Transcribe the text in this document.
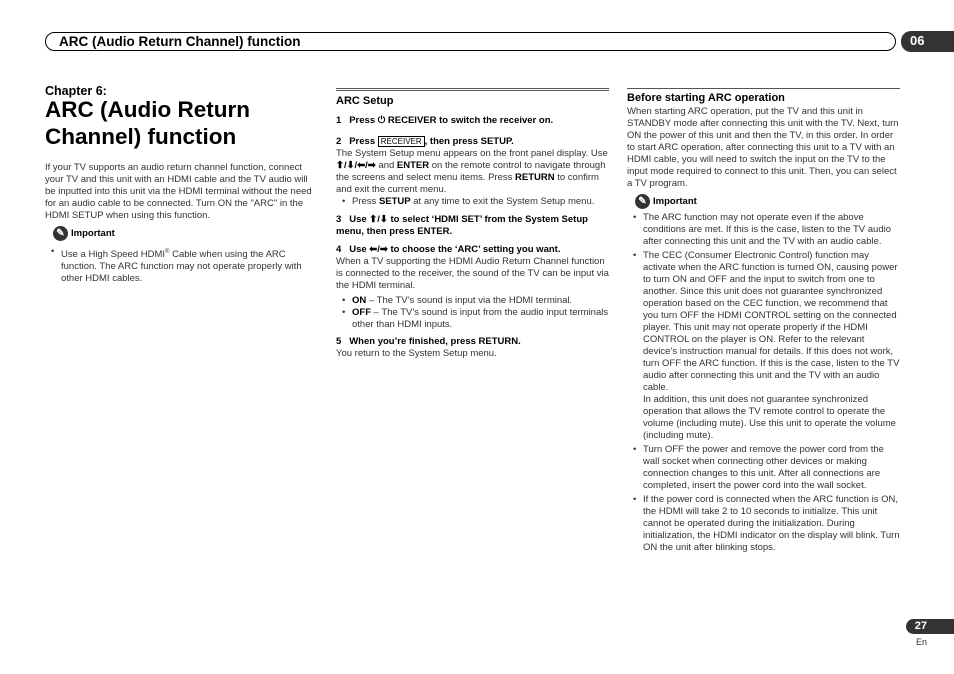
ARC (Audio Return Channel) function	06
Chapter 6:
ARC (Audio Return Channel) function

If your TV supports an audio return channel function, connect your TV and this unit with an HDMI cable and the TV audio will be inputted into this unit via the HDMI terminal without the need for an audio cable to be connected. Turn ON the "ARC" in the HDMI SETUP when using this function.

✎ Important
• Use a High Speed HDMI® Cable when using the ARC function. The ARC function may not operate properly with other HDMI cables.
ARC Setup
1 Press ⏻ RECEIVER to switch the receiver on.
2 Press RECEIVER , then press SETUP.

The System Setup menu appears on the front panel display. Use ⬆/⬇/⬅/➡ and ENTER on the remote control to navigate through the screens and select menu items. Press RETURN to confirm and exit the current menu.

• Press SETUP at any time to exit the System Setup menu.
3 Use ⬆/⬇ to select ‘HDMI SET’ from the System Setup menu, then press ENTER.
4 Use ⬅/➡ to choose the ‘ARC’ setting you want.

When a TV supporting the HDMI Audio Return Channel function is connected to the receiver, the sound of the TV can be input via the HDMI terminal.

• ON – The TV’s sound is input via the HDMI terminal.
• OFF – The TV’s sound is input from the audio input terminals other than HDMI inputs.
5 When you’re finished, press RETURN.

You return to the System Setup menu.

Before starting ARC operation

When starting ARC operation, put the TV and this unit in STANDBY mode after connecting this unit with the TV. Next, turn ON the power of this unit and then the TV, in this order. In order to start ARC operation, after connecting this unit to a TV with an HDMI cable, you will need to switch the input on the TV to the input mode required to connect to this unit. Then, you can select a TV program.

✎ Important
• The ARC function may not operate even if the above conditions are met. If this is the case, listen to the TV audio after connecting this unit and the TV with an audio cable.
• The CEC (Consumer Electronic Control) function may activate when the ARC function is turned ON, causing power to turn ON and OFF and the input to switch from one to another. Since this unit does not guarantee synchronized operation based on the CEC function, we recommend that you turn OFF the HDMI CONTROL setting on the connected player. This unit may not operate properly if the HDMI CONTROL on the player is ON. Refer to the relevant device’s instruction manual for details. If this does not work, turn OFF the ARC function. If this is the case, listen to the TV audio after connecting this unit and the TV with an audio cable.
In addition, this unit does not guarantee synchronized operation that allows the TV remote control to operate the volume (including mute). Use this unit to operate the volume (including mute).
• Turn OFF the power and remove the power cord from the wall socket when connecting other devices or making connection changes to this unit. After all connections are completed, insert the power cord into the wall socket.
• If the power cord is connected when the ARC function is ON, the HDMI will take 2 to 10 seconds to initialize. This unit cannot be operated during the initialization. During initialization, the HDMI indicator on the display will blink. Turn ON the unit after blinking stops.
27
En
